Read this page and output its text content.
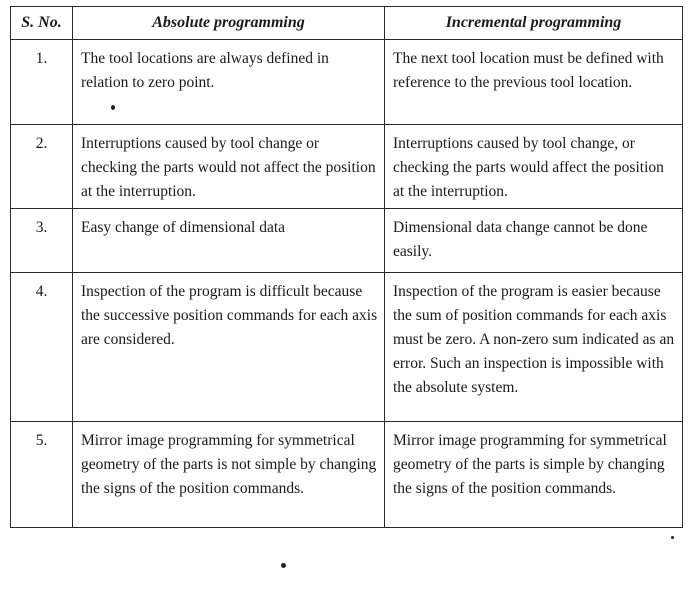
S. No.	Absolute programming	Incremental programming
1.	The tool locations are always defined in relation to zero point.	The next tool location must be defined with reference to the previous tool location.
2.	Interruptions caused by tool change or checking the parts would not affect the position at the interruption.	Interruptions caused by tool change, or checking the parts would affect the position at the interruption.
3.	Easy change of dimensional data	Dimensional data change cannot be done easily.
4.	Inspection of the program is difficult because the successive position commands for each axis are considered.	Inspection of the program is easier because the sum of position commands for each axis must be zero. A non-zero sum indicated as an error. Such an inspection is impossible with the absolute system.
5.	Mirror image programming for symmetrical geometry of the parts is not simple by changing the signs of the position commands.	Mirror image programming for symmetrical geometry of the parts is simple by changing the signs of the position commands.
